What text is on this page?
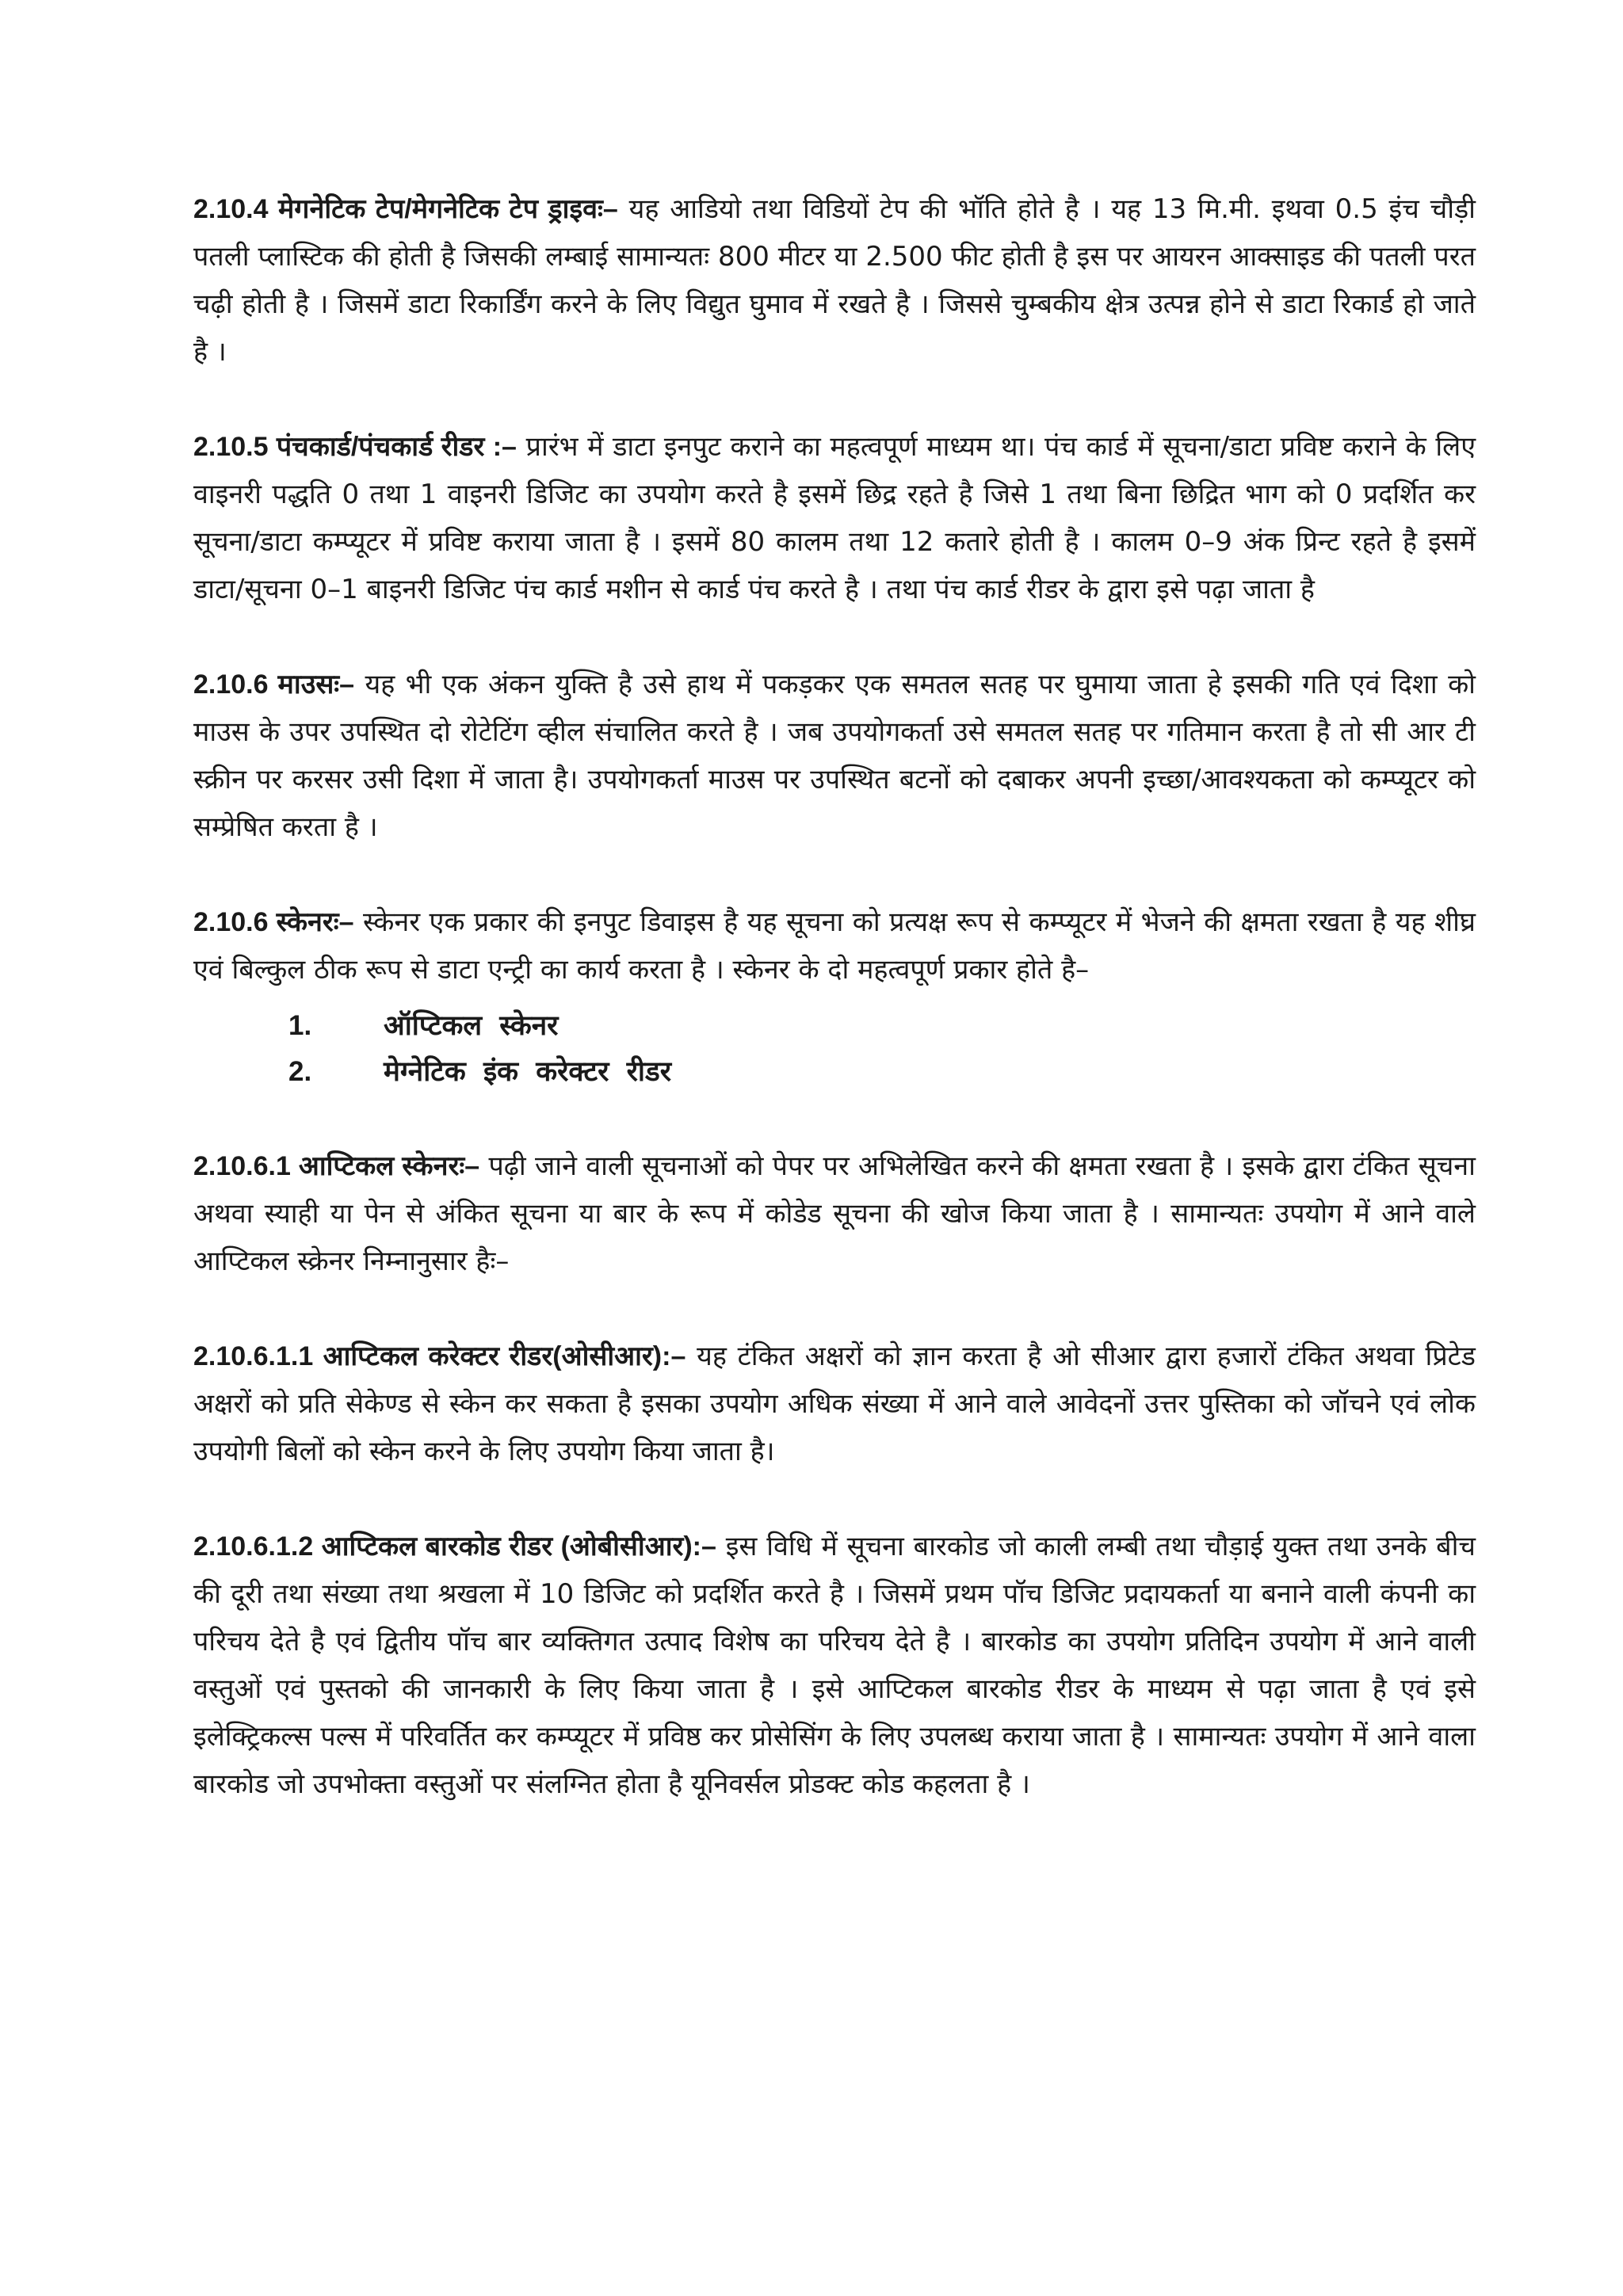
2.10.4 मेगनेटिक टेप/मेगनेटिक टेप ड्राइवः– यह आडियो तथा विडियों टेप की भॉति होते है । यह 13 मि.मी. इथवा 0.5 इंच चौड़ी पतली प्लास्टिक की होती है जिसकी लम्बाई सामान्यतः 800 मीटर या 2.500 फीट होती है इस पर आयरन आक्साइड की पतली परत चढ़ी होती है । जिसमें डाटा रिकार्डिंग करने के लिए विद्युत घुमाव में रखते है । जिससे चुम्बकीय क्षेत्र उत्पन्न होने से डाटा रिकार्ड हो जाते है ।

2.10.5 पंचकार्ड/पंचकार्ड रीडर :– प्रारंभ में डाटा इनपुट कराने का महत्वपूर्ण माध्यम था। पंच कार्ड में सूचना/डाटा प्रविष्ट कराने के लिए वाइनरी पद्धति 0 तथा 1 वाइनरी डिजिट का उपयोग करते है इसमें छिद्र रहते है जिसे 1 तथा बिना छिद्रित भाग को 0 प्रदर्शित कर सूचना/डाटा कम्प्यूटर में प्रविष्ट कराया जाता है । इसमें 80 कालम तथा 12 कतारे होती है । कालम 0–9 अंक प्रिन्ट रहते है इसमें डाटा/सूचना 0–1 बाइनरी डिजिट पंच कार्ड मशीन से कार्ड पंच करते है । तथा पंच कार्ड रीडर के द्वारा इसे पढ़ा जाता है

2.10.6 माउसः– यह भी एक अंकन युक्ति है उसे हाथ में पकड़कर एक समतल सतह पर घुमाया जाता हे इसकी गति एवं दिशा को माउस के उपर उपस्थित दो रोटेटिंग व्हील संचालित करते है । जब उपयोगकर्ता उसे समतल सतह पर गतिमान करता है तो सी आर टी स्क्रीन पर करसर उसी दिशा में जाता है। उपयोगकर्ता माउस पर उपस्थित बटनों को दबाकर अपनी इच्छा/आवश्यकता को कम्प्यूटर को सम्प्रेषित करता है ।

2.10.6 स्केनरः– स्केनर एक प्रकार की इनपुट डिवाइस है यह सूचना को प्रत्यक्ष रूप से कम्प्यूटर में भेजने की क्षमता रखता है यह शीघ्र एवं बिल्कुल ठीक रूप से डाटा एन्ट्री का कार्य करता है । स्केनर के दो महत्वपूर्ण प्रकार होते है–

1.	ऑप्टिकल स्केनर
2.	मेग्नेटिक इंक करेक्टर रीडर

2.10.6.1 आप्टिकल स्केनरः– पढ़ी जाने वाली सूचनाओं को पेपर पर अभिलेखित करने की क्षमता रखता है । इसके द्वारा टंकित सूचना अथवा स्याही या पेन से अंकित सूचना या बार के रूप में कोडेड सूचना की खोज किया जाता है । सामान्यतः उपयोग में आने वाले आप्टिकल स्क्रेनर निम्नानुसार हैः–

2.10.6.1.1 आप्टिकल करेक्टर रीडर(ओसीआर):– यह टंकित अक्षरों को ज्ञान करता है ओ सीआर द्वारा हजारों टंकित अथवा प्रिटेड अक्षरों को प्रति सेकेण्ड से स्केन कर सकता है इसका उपयोग अधिक संख्या में आने वाले आवेदनों उत्तर पुस्तिका को जॉचने एवं लोक उपयोगी बिलों को स्केन करने के लिए उपयोग किया जाता है।

2.10.6.1.2 आप्टिकल बारकोड रीडर (ओबीसीआर):– इस विधि में सूचना बारकोड जो काली लम्बी तथा चौड़ाई युक्त तथा उनके बीच की दूरी तथा संख्या तथा श्रखला में 10 डिजिट को प्रदर्शित करते है । जिसमें प्रथम पॉच डिजिट प्रदायकर्ता या बनाने वाली कंपनी का परिचय देते है एवं द्वितीय पॉच बार व्यक्तिगत उत्पाद विशेष का परिचय देते है । बारकोड का उपयोग प्रतिदिन उपयोग में आने वाली वस्तुओं एवं पुस्तको की जानकारी के लिए किया जाता है । इसे आप्टिकल बारकोड रीडर के माध्यम से पढ़ा जाता है एवं इसे इलेक्ट्रिकल्स पल्स में परिवर्तित कर कम्प्यूटर में प्रविष्ठ कर प्रोसेसिंग के लिए उपलब्ध कराया जाता है । सामान्यतः उपयोग में आने वाला बारकोड जो उपभोक्ता वस्तुओं पर संलग्नित होता है यूनिवर्सल प्रोडक्ट कोड कहलता है ।
